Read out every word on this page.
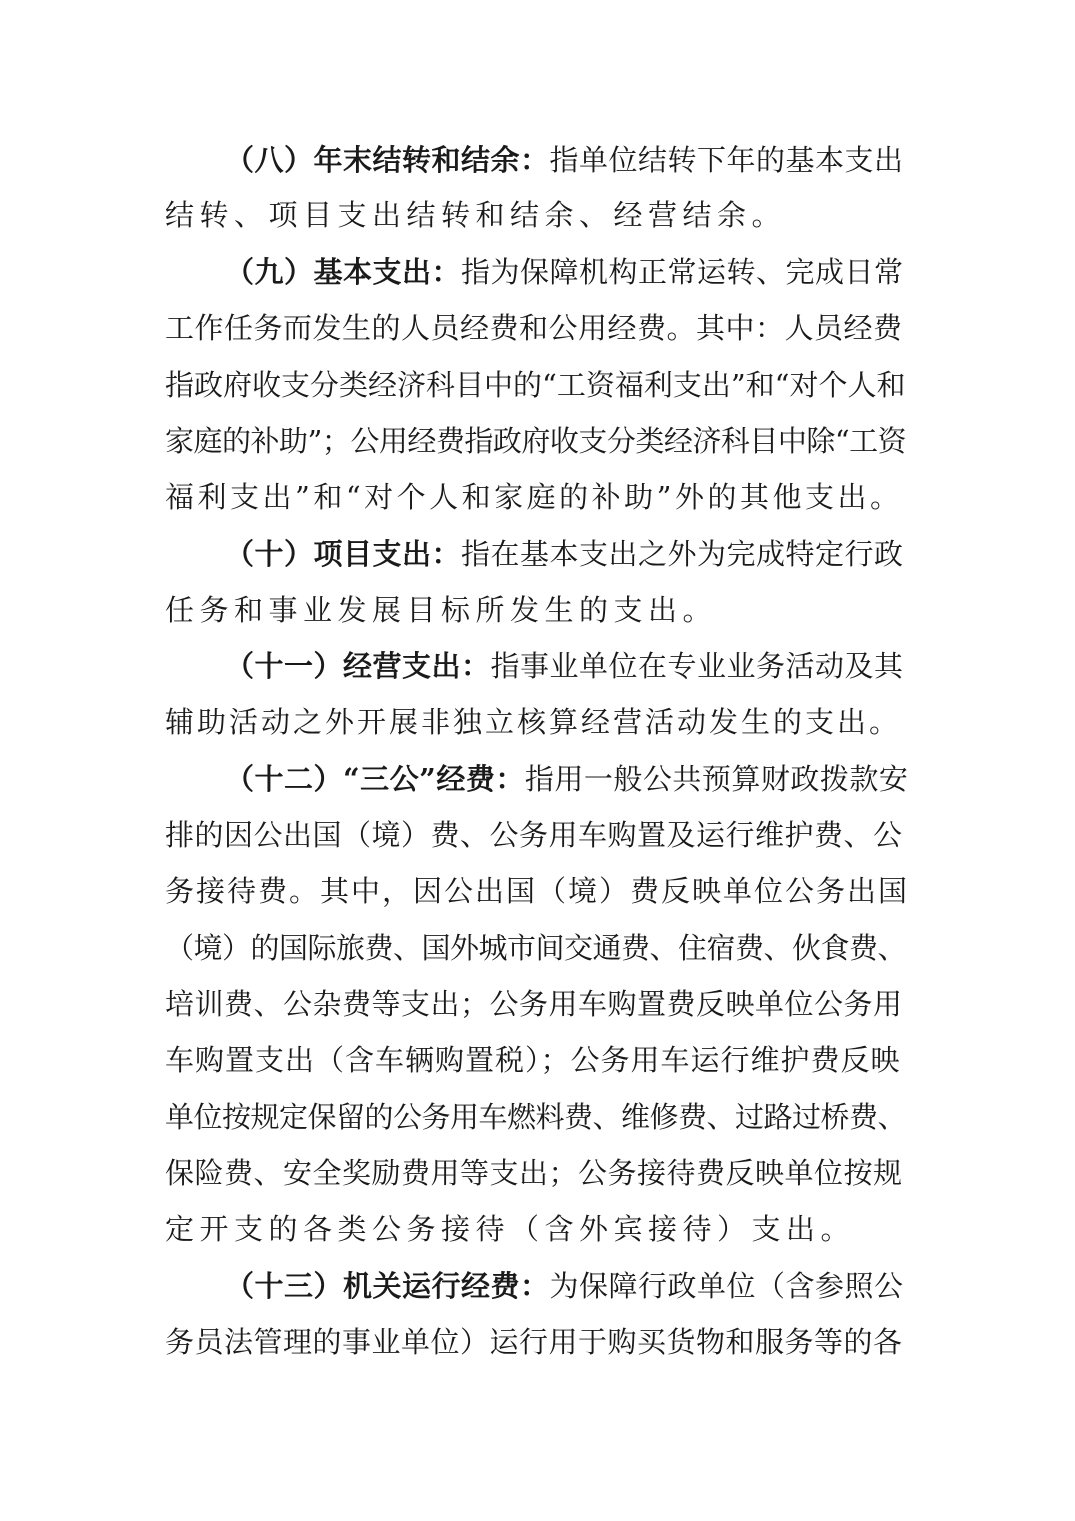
（八）年末结转和结余：指单位结转下年的基本支出
结转、项目支出结转和结余、经营结余。
（九）基本支出：指为保障机构正常运转、完成日常
工作任务而发生的人员经费和公用经费。其中：人员经费
指政府收支分类经济科目中的“工资福利支出”和“对个人和
家庭的补助”；公用经费指政府收支分类经济科目中除“工资
福利支出”和“对个人和家庭的补助”外的其他支出。
（十）项目支出：指在基本支出之外为完成特定行政
任务和事业发展目标所发生的支出。
（十一）经营支出：指事业单位在专业业务活动及其
辅助活动之外开展非独立核算经营活动发生的支出。
（十二）“三公”经费：指用一般公共预算财政拨款安
排的因公出国（境）费、公务用车购置及运行维护费、公
务接待费。其中，因公出国（境）费反映单位公务出国
（境）的国际旅费、国外城市间交通费、住宿费、伙食费、
培训费、公杂费等支出；公务用车购置费反映单位公务用
车购置支出（含车辆购置税）；公务用车运行维护费反映
单位按规定保留的公务用车燃料费、维修费、过路过桥费、
保险费、安全奖励费用等支出；公务接待费反映单位按规
定开支的各类公务接待（含外宾接待）支出。
（十三）机关运行经费：为保障行政单位（含参照公
务员法管理的事业单位）运行用于购买货物和服务等的各
